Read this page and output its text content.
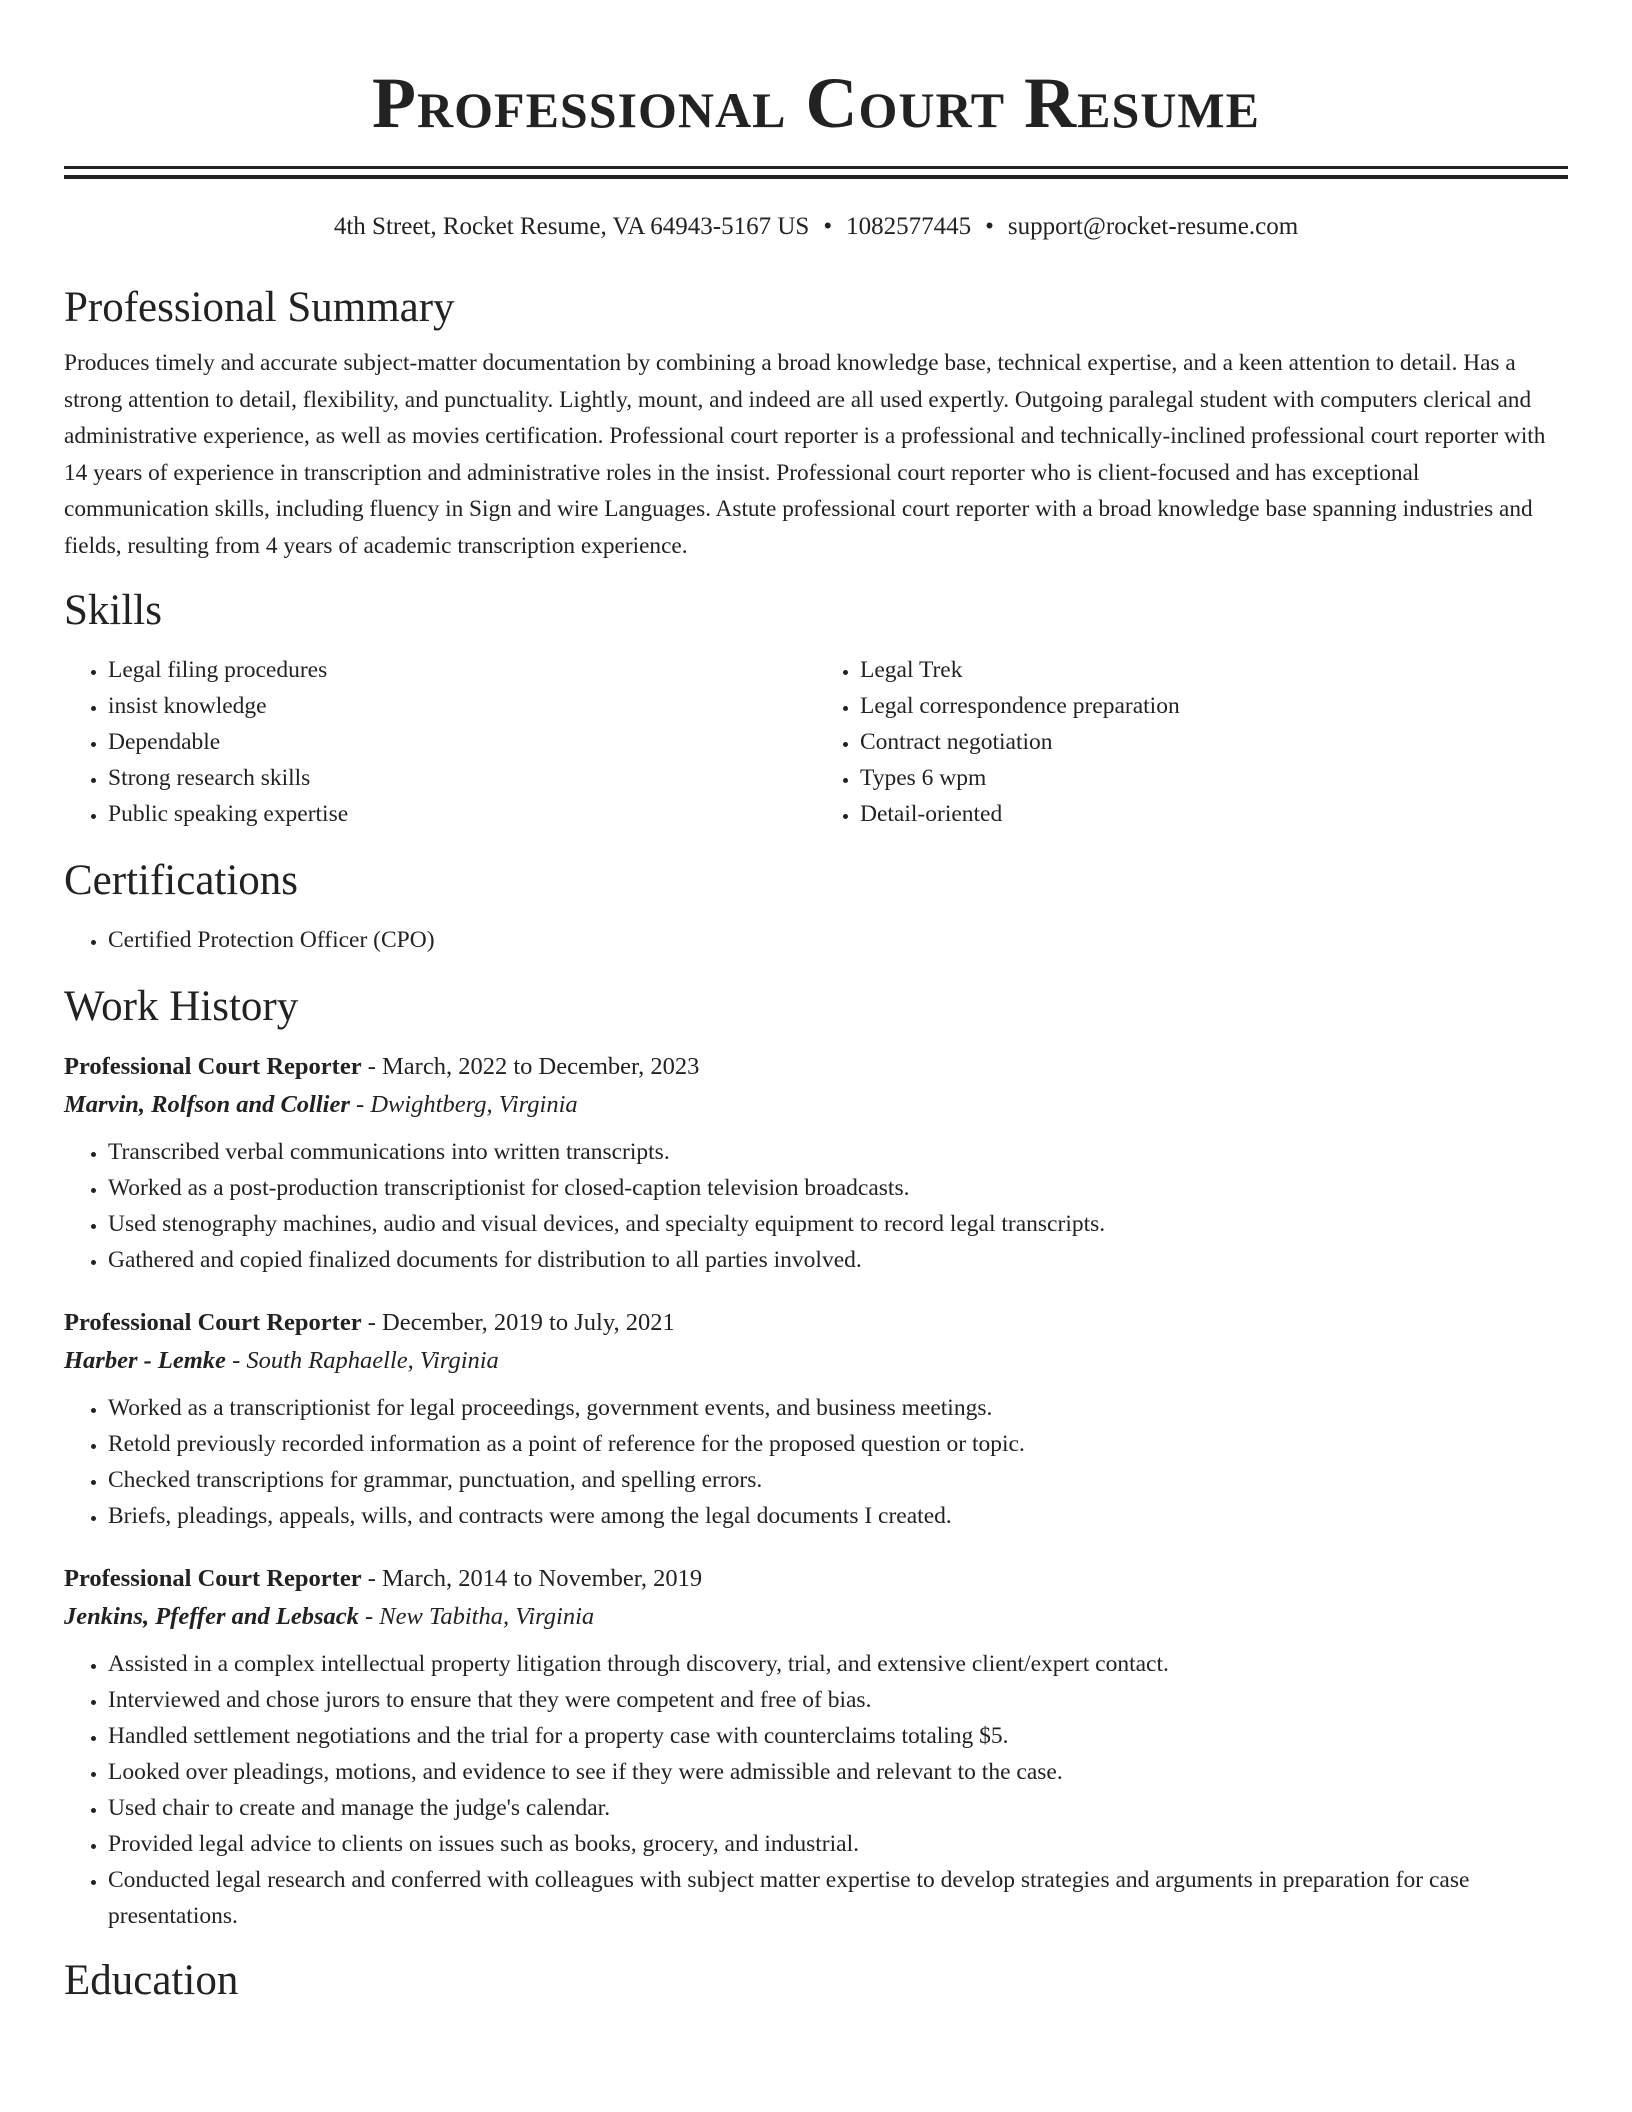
Professional Court Resume
4th Street, Rocket Resume, VA 64943-5167 US • 1082577445 • support@rocket-resume.com
Professional Summary

Produces timely and accurate subject-matter documentation by combining a broad knowledge base, technical expertise, and a keen attention to detail. Has a strong attention to detail, flexibility, and punctuality. Lightly, mount, and indeed are all used expertly. Outgoing paralegal student with computers clerical and administrative experience, as well as movies certification. Professional court reporter is a professional and technically-inclined professional court reporter with 14 years of experience in transcription and administrative roles in the insist. Professional court reporter who is client-focused and has exceptional communication skills, including fluency in Sign and wire Languages. Astute professional court reporter with a broad knowledge base spanning industries and fields, resulting from 4 years of academic transcription experience.

Skills
• Legal filing procedures
• insist knowledge
• Dependable
• Strong research skills
• Public speaking expertise
• Legal Trek
• Legal correspondence preparation
• Contract negotiation
• Types 6 wpm
• Detail-oriented
Certifications
• Certified Protection Officer (CPO)
Work History
Professional Court Reporter - March, 2022 to December, 2023
Marvin, Rolfson and Collier - Dwightberg, Virginia
• Transcribed verbal communications into written transcripts.
• Worked as a post-production transcriptionist for closed-caption television broadcasts.
• Used stenography machines, audio and visual devices, and specialty equipment to record legal transcripts.
• Gathered and copied finalized documents for distribution to all parties involved.
Professional Court Reporter - December, 2019 to July, 2021
Harber - Lemke - South Raphaelle, Virginia
• Worked as a transcriptionist for legal proceedings, government events, and business meetings.
• Retold previously recorded information as a point of reference for the proposed question or topic.
• Checked transcriptions for grammar, punctuation, and spelling errors.
• Briefs, pleadings, appeals, wills, and contracts were among the legal documents I created.
Professional Court Reporter - March, 2014 to November, 2019
Jenkins, Pfeffer and Lebsack - New Tabitha, Virginia
• Assisted in a complex intellectual property litigation through discovery, trial, and extensive client/expert contact.
• Interviewed and chose jurors to ensure that they were competent and free of bias.
• Handled settlement negotiations and the trial for a property case with counterclaims totaling $5.
• Looked over pleadings, motions, and evidence to see if they were admissible and relevant to the case.
• Used chair to create and manage the judge's calendar.
• Provided legal advice to clients on issues such as books, grocery, and industrial.
• Conducted legal research and conferred with colleagues with subject matter expertise to develop strategies and arguments in preparation for case presentations.
Education
